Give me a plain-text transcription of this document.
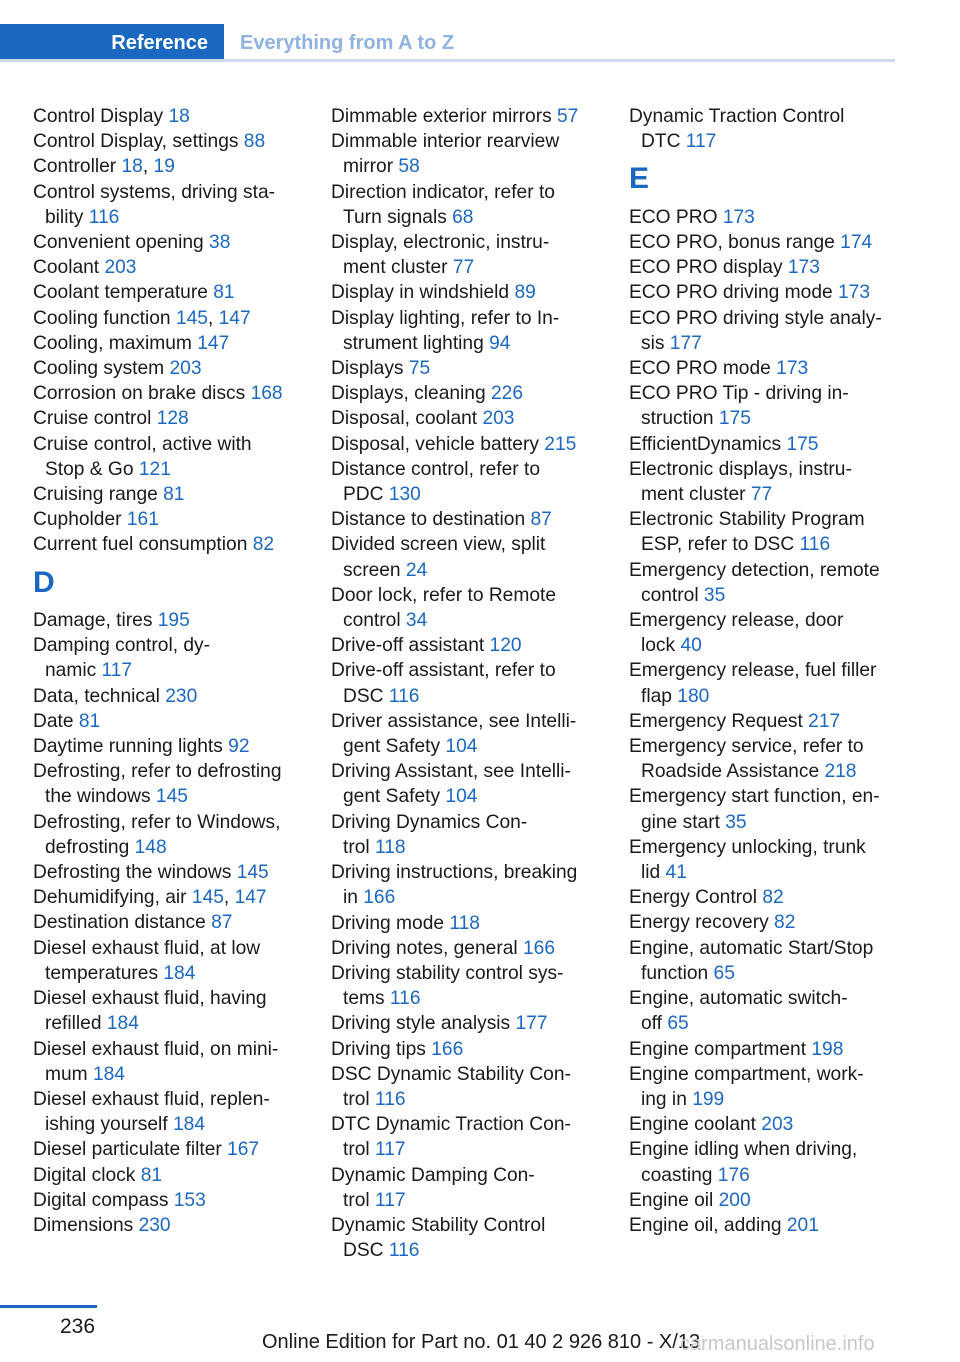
Reference Everything from A to Z
Control Display 18
Control Display, settings 88
Controller 18, 19
Control systems, driving sta-
bility 116
Convenient opening 38
Coolant 203
Coolant temperature 81
Cooling function 145, 147
Cooling, maximum 147
Cooling system 203
Corrosion on brake discs 168
Cruise control 128
Cruise control, active with
Stop & Go 121
Cruising range 81
Cupholder 161
Current fuel consumption 82
D
Damage, tires 195
Damping control, dy-
namic 117
Data, technical 230
Date 81
Daytime running lights 92
Defrosting, refer to defrosting
the windows 145
Defrosting, refer to Windows,
defrosting 148
Defrosting the windows 145
Dehumidifying, air 145, 147
Destination distance 87
Diesel exhaust fluid, at low
temperatures 184
Diesel exhaust fluid, having
refilled 184
Diesel exhaust fluid, on mini-
mum 184
Diesel exhaust fluid, replen-
ishing yourself 184
Diesel particulate filter 167
Digital clock 81
Digital compass 153
Dimensions 230
Dimmable exterior mirrors 57
Dimmable interior rearview
mirror 58
Direction indicator, refer to
Turn signals 68
Display, electronic, instru-
ment cluster 77
Display in windshield 89
Display lighting, refer to In-
strument lighting 94
Displays 75
Displays, cleaning 226
Disposal, coolant 203
Disposal, vehicle battery 215
Distance control, refer to
PDC 130
Distance to destination 87
Divided screen view, split
screen 24
Door lock, refer to Remote
control 34
Drive-off assistant 120
Drive-off assistant, refer to
DSC 116
Driver assistance, see Intelli-
gent Safety 104
Driving Assistant, see Intelli-
gent Safety 104
Driving Dynamics Con-
trol 118
Driving instructions, breaking
in 166
Driving mode 118
Driving notes, general 166
Driving stability control sys-
tems 116
Driving style analysis 177
Driving tips 166
DSC Dynamic Stability Con-
trol 116
DTC Dynamic Traction Con-
trol 117
Dynamic Damping Con-
trol 117
Dynamic Stability Control
DSC 116
Dynamic Traction Control
DTC 117
E
ECO PRO 173
ECO PRO, bonus range 174
ECO PRO display 173
ECO PRO driving mode 173
ECO PRO driving style analy-
sis 177
ECO PRO mode 173
ECO PRO Tip - driving in-
struction 175
EfficientDynamics 175
Electronic displays, instru-
ment cluster 77
Electronic Stability Program
ESP, refer to DSC 116
Emergency detection, remote
control 35
Emergency release, door
lock 40
Emergency release, fuel filler
flap 180
Emergency Request 217
Emergency service, refer to
Roadside Assistance 218
Emergency start function, en-
gine start 35
Emergency unlocking, trunk
lid 41
Energy Control 82
Energy recovery 82
Engine, automatic Start/Stop
function 65
Engine, automatic switch-
off 65
Engine compartment 198
Engine compartment, work-
ing in 199
Engine coolant 203
Engine idling when driving,
coasting 176
Engine oil 200
Engine oil, adding 201
236
Online Edition for Part no. 01 40 2 926 810 - X/13
carmanualsonline.info
